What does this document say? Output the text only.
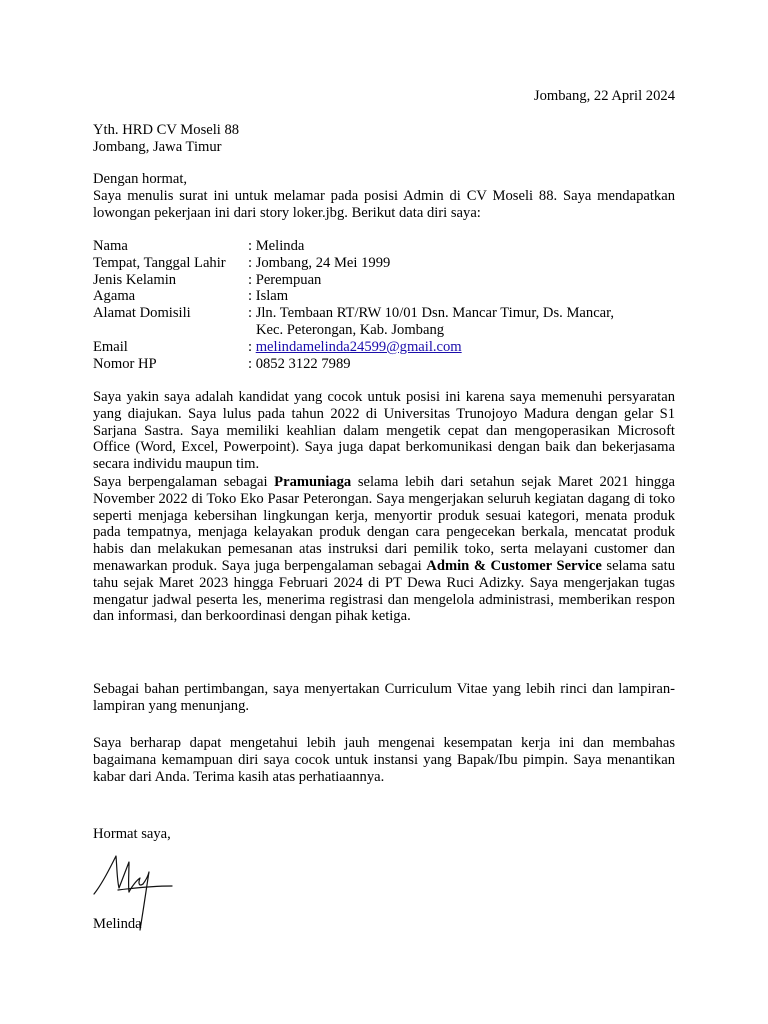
Jombang, 22 April 2024
Yth. HRD CV Moseli 88
Jombang, Jawa Timur
Dengan hormat,

Saya menulis surat ini untuk melamar pada posisi Admin di CV Moseli 88. Saya mendapatkan lowongan pekerjaan ini dari story loker.jbg. Berikut data diri saya:

Nama	: Melinda
Tempat, Tanggal Lahir	: Jombang, 24 Mei 1999
Jenis Kelamin	: Perempuan
Agama	: Islam
Alamat Domisili	: Jln. Tembaan RT/RW 10/01 Dsn. Mancar Timur, Ds. Mancar,
Kec. Peterongan, Kab. Jombang
Email	: melindamelinda24599@gmail.com
Nomor HP	: 0852 3122 7989

Saya yakin saya adalah kandidat yang cocok untuk posisi ini karena saya memenuhi persyaratan yang diajukan. Saya lulus pada tahun 2022 di Universitas Trunojoyo Madura dengan gelar S1 Sarjana Sastra. Saya memiliki keahlian dalam mengetik cepat dan mengoperasikan Microsoft Office (Word, Excel, Powerpoint). Saya juga dapat berkomunikasi dengan baik dan bekerjasama secara individu maupun tim.

Saya berpengalaman sebagai Pramuniaga selama lebih dari setahun sejak Maret 2021 hingga November 2022 di Toko Eko Pasar Peterongan. Saya mengerjakan seluruh kegiatan dagang di toko seperti menjaga kebersihan lingkungan kerja, menyortir produk sesuai kategori, menata produk pada tempatnya, menjaga kelayakan produk dengan cara pengecekan berkala, mencatat produk habis dan melakukan pemesanan atas instruksi dari pemilik toko, serta melayani customer dan menawarkan produk. Saya juga berpengalaman sebagai Admin & Customer Service selama satu tahu sejak Maret 2023 hingga Februari 2024 di PT Dewa Ruci Adizky. Saya mengerjakan tugas mengatur jadwal peserta les, menerima registrasi dan mengelola administrasi, memberikan respon dan informasi, dan berkoordinasi dengan pihak ketiga.

Sebagai bahan pertimbangan, saya menyertakan Curriculum Vitae yang lebih rinci dan lampiran-lampiran yang menunjang.

Saya berharap dapat mengetahui lebih jauh mengenai kesempatan kerja ini dan membahas bagaimana kemampuan diri saya cocok untuk instansi yang Bapak/Ibu pimpin. Saya menantikan kabar dari Anda. Terima kasih atas perhatiaannya.

Hormat saya,
Melinda
